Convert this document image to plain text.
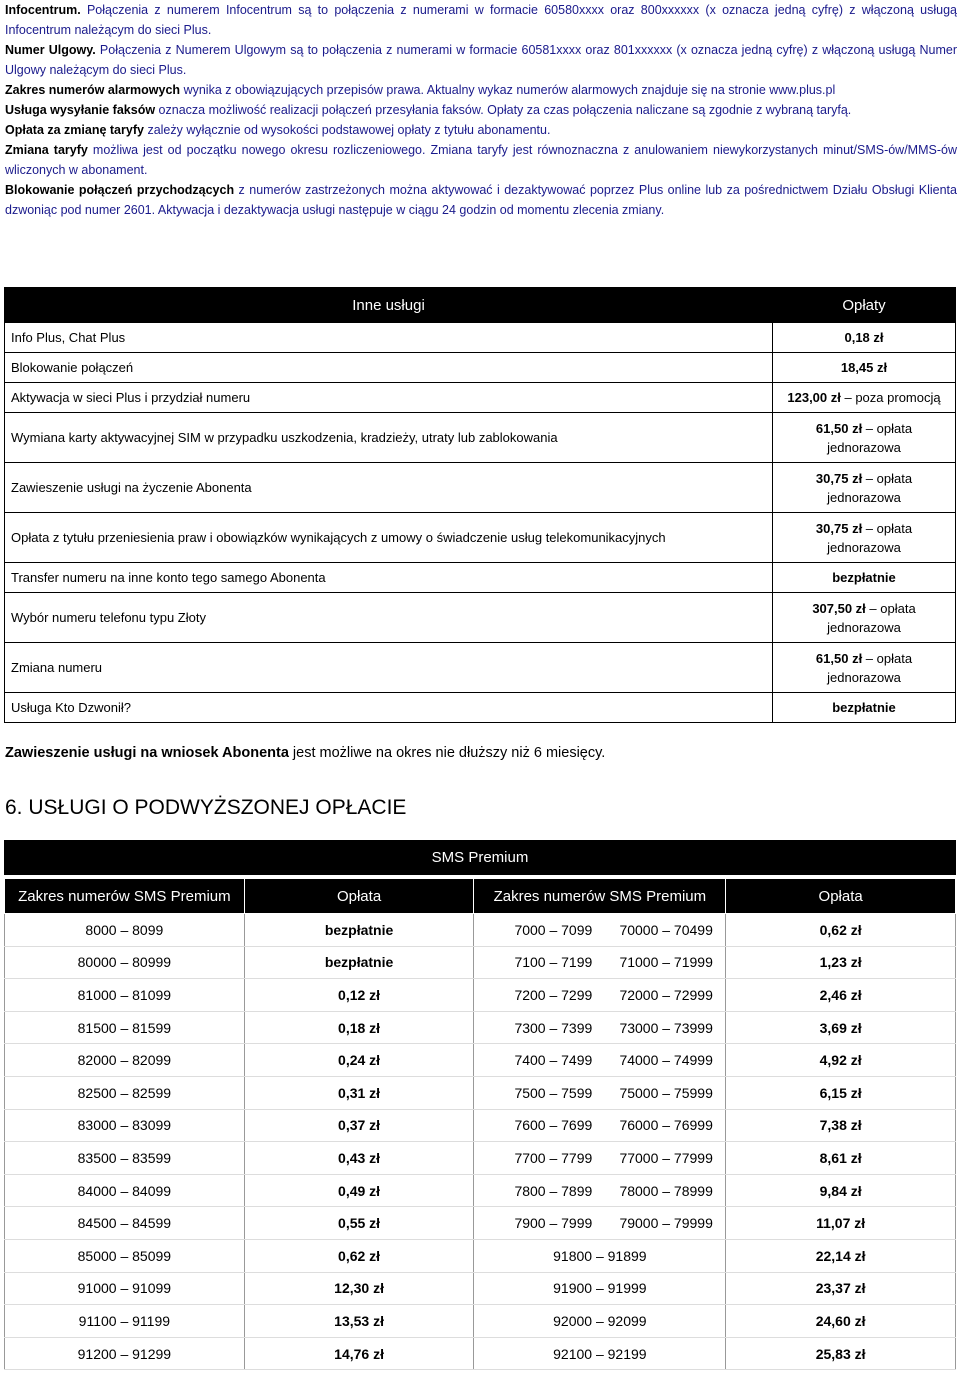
Infocentrum. Połączenia z numerem Infocentrum są to połączenia z numerami w formacie 60580xxxx oraz 800xxxxxx (x oznacza jedną cyfrę) z włączoną usługą Infocentrum należącym do sieci Plus.
Numer Ulgowy. Połączenia z Numerem Ulgowym są to połączenia z numerami w formacie 60581xxxx oraz 801xxxxxx (x oznacza jedną cyfrę) z włączoną usługą Numer Ulgowy należącym do sieci Plus.
Zakres numerów alarmowych wynika z obowiązujących przepisów prawa. Aktualny wykaz numerów alarmowych znajduje się na stronie www.plus.pl
Usługa wysyłanie faksów oznacza możliwość realizacji połączeń przesyłania faksów. Opłaty za czas połączenia naliczane są zgodnie z wybraną taryfą.
Opłata za zmianę taryfy zależy wyłącznie od wysokości podstawowej opłaty z tytułu abonamentu.
Zmiana taryfy możliwa jest od początku nowego okresu rozliczeniowego. Zmiana taryfy jest równoznaczna z anulowaniem niewykorzystanych minut/SMS-ów/MMS-ów wliczonych w abonament.
Blokowanie połączeń przychodzących z numerów zastrzeżonych można aktywować i dezaktywować poprzez Plus online lub za pośrednictwem Działu Obsługi Klienta dzwoniąc pod numer 2601. Aktywacja i dezaktywacja usługi następuje w ciągu 24 godzin od momentu zlecenia zmiany.
Inne usługi	Opłaty
Info Plus, Chat Plus	0,18 zł
Blokowanie połączeń	18,45 zł
Aktywacja w sieci Plus i przydział numeru	123,00 zł – poza promocją
Wymiana karty aktywacyjnej SIM w przypadku uszkodzenia, kradzieży, utraty lub zablokowania	61,50 zł – opłata jednorazowa
Zawieszenie usługi na życzenie Abonenta	30,75 zł – opłata jednorazowa
Opłata z tytułu przeniesienia praw i obowiązków wynikających z umowy o świadczenie usług telekomunikacyjnych	30,75 zł – opłata jednorazowa
Transfer numeru na inne konto tego samego Abonenta	bezpłatnie
Wybór numeru telefonu typu Złoty	307,50 zł – opłata jednorazowa
Zmiana numeru	61,50 zł – opłata jednorazowa
Usługa Kto Dzwonił?	bezpłatnie
Zawieszenie usługi na wniosek Abonenta jest możliwe na okres nie dłuższy niż 6 miesięcy.
6. USŁUGI O PODWYŻSZONEJ OPŁACIE
SMS Premium
Zakres numerów SMS Premium	Opłata	Zakres numerów SMS Premium	Opłata
8000 – 8099	bezpłatnie	7000 – 7099 70000 – 70499	0,62 zł
80000 – 80999	bezpłatnie	7100 – 7199 71000 – 71999	1,23 zł
81000 – 81099	0,12 zł	7200 – 7299 72000 – 72999	2,46 zł
81500 – 81599	0,18 zł	7300 – 7399 73000 – 73999	3,69 zł
82000 – 82099	0,24 zł	7400 – 7499 74000 – 74999	4,92 zł
82500 – 82599	0,31 zł	7500 – 7599 75000 – 75999	6,15 zł
83000 – 83099	0,37 zł	7600 – 7699 76000 – 76999	7,38 zł
83500 – 83599	0,43 zł	7700 – 7799 77000 – 77999	8,61 zł
84000 – 84099	0,49 zł	7800 – 7899 78000 – 78999	9,84 zł
84500 – 84599	0,55 zł	7900 – 7999 79000 – 79999	11,07 zł
85000 – 85099	0,62 zł	91800 – 91899	22,14 zł
91000 – 91099	12,30 zł	91900 – 91999	23,37 zł
91100 – 91199	13,53 zł	92000 – 92099	24,60 zł
91200 – 91299	14,76 zł	92100 – 92199	25,83 zł
